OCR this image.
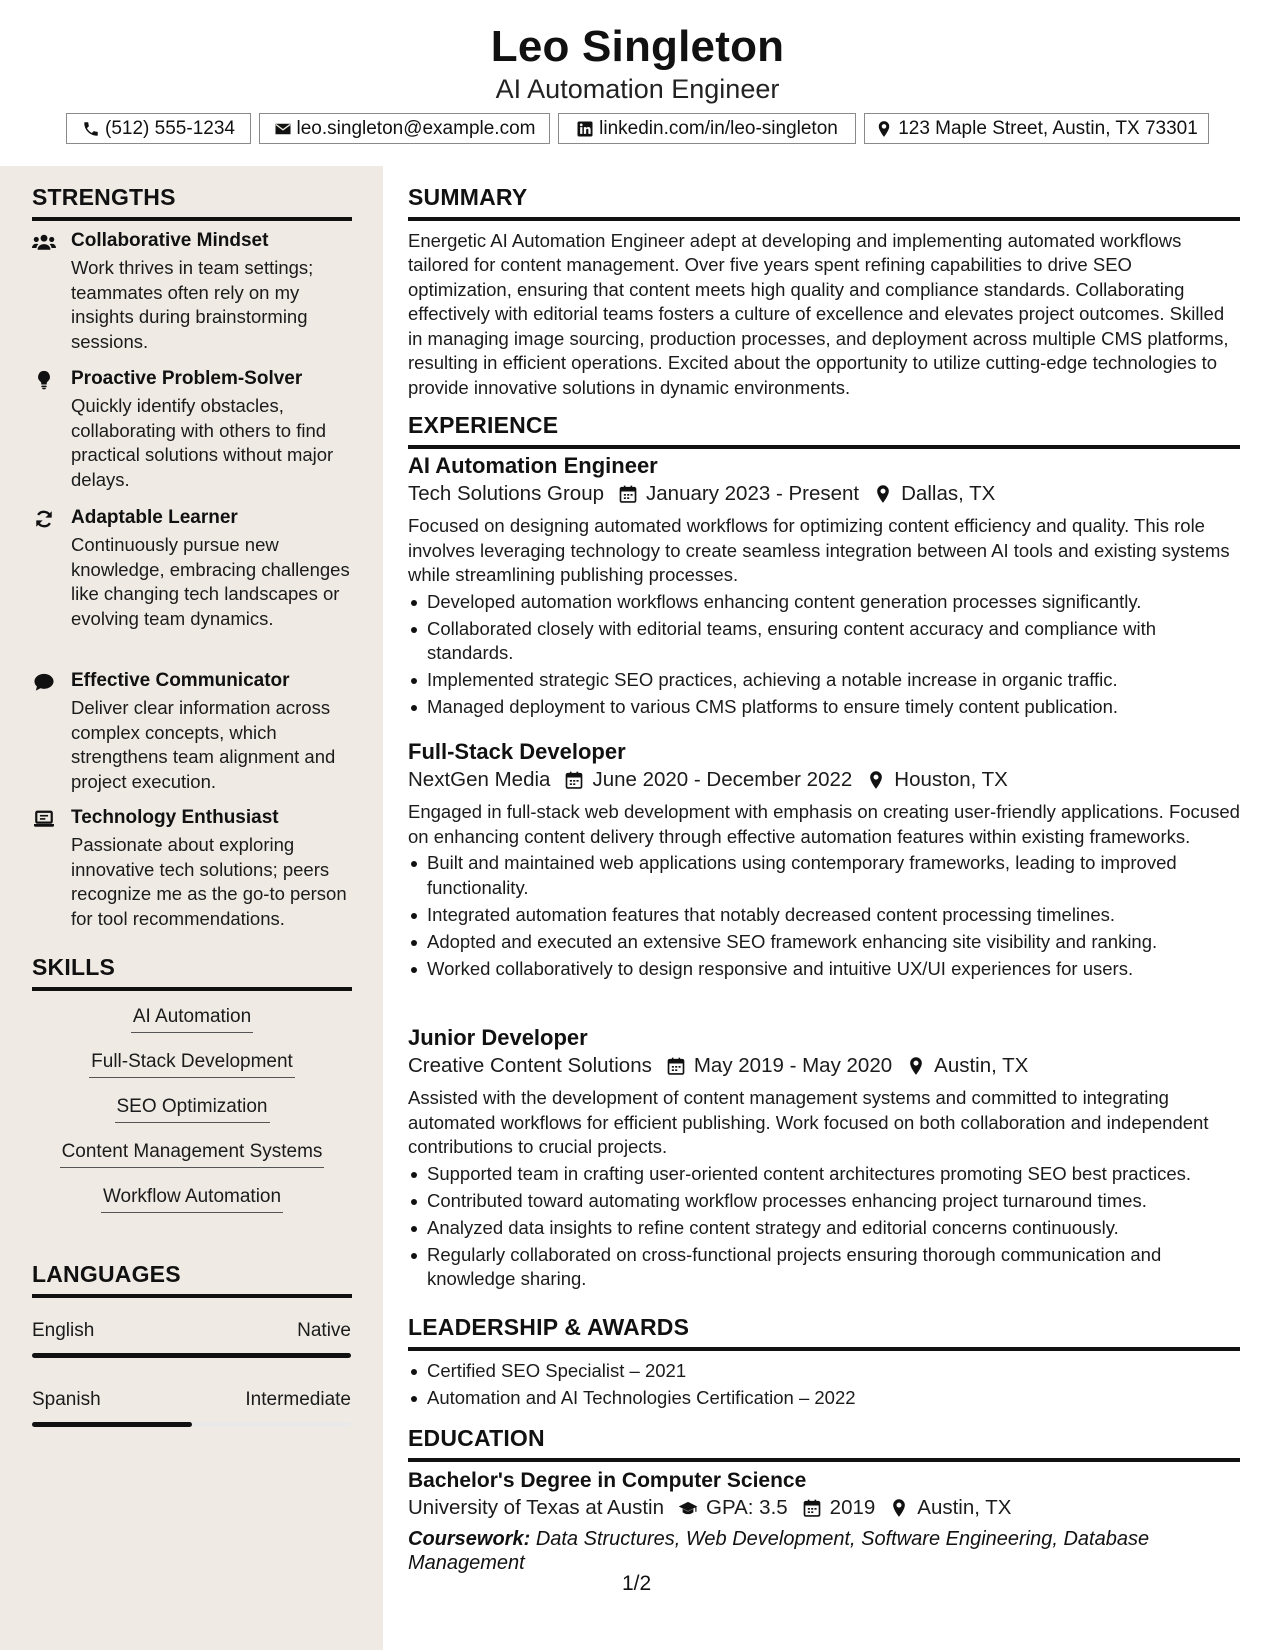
Leo Singleton
AI Automation Engineer
(512) 555-1234	leo.singleton@example.com	linkedin.com/in/leo-singleton	123 Maple Street, Austin, TX 73301
STRENGTHS
Collaborative Mindset
Work thrives in team settings; teammates often rely on my insights during brainstorming sessions.
Proactive Problem-Solver
Quickly identify obstacles, collaborating with others to find practical solutions without major delays.
Adaptable Learner
Continuously pursue new knowledge, embracing challenges like changing tech landscapes or evolving team dynamics.
Effective Communicator
Deliver clear information across complex concepts, which strengthens team alignment and project execution.
Technology Enthusiast
Passionate about exploring innovative tech solutions; peers recognize me as the go-to person for tool recommendations.
SKILLS
AI Automation
Full-Stack Development
SEO Optimization
Content Management Systems
Workflow Automation
LANGUAGES
English	Native
Spanish	Intermediate
SUMMARY
Energetic AI Automation Engineer adept at developing and implementing automated workflows tailored for content management. Over five years spent refining capabilities to drive SEO optimization, ensuring that content meets high quality and compliance standards. Collaborating effectively with editorial teams fosters a culture of excellence and elevates project outcomes. Skilled in managing image sourcing, production processes, and deployment across multiple CMS platforms, resulting in efficient operations. Excited about the opportunity to utilize cutting-edge technologies to provide innovative solutions in dynamic environments.
EXPERIENCE
AI Automation Engineer
Tech Solutions Group January 2023 - Present Dallas, TX
Focused on designing automated workflows for optimizing content efficiency and quality. This role involves leveraging technology to create seamless integration between AI tools and existing systems while streamlining publishing processes.
Developed automation workflows enhancing content generation processes significantly.
Collaborated closely with editorial teams, ensuring content accuracy and compliance with standards.
Implemented strategic SEO practices, achieving a notable increase in organic traffic.
Managed deployment to various CMS platforms to ensure timely content publication.
Full-Stack Developer
NextGen Media June 2020 - December 2022 Houston, TX
Engaged in full-stack web development with emphasis on creating user-friendly applications. Focused on enhancing content delivery through effective automation features within existing frameworks.
Built and maintained web applications using contemporary frameworks, leading to improved functionality.
Integrated automation features that notably decreased content processing timelines.
Adopted and executed an extensive SEO framework enhancing site visibility and ranking.
Worked collaboratively to design responsive and intuitive UX/UI experiences for users.
Junior Developer
Creative Content Solutions May 2019 - May 2020 Austin, TX
Assisted with the development of content management systems and committed to integrating automated workflows for efficient publishing. Work focused on both collaboration and independent contributions to crucial projects.
Supported team in crafting user-oriented content architectures promoting SEO best practices.
Contributed toward automating workflow processes enhancing project turnaround times.
Analyzed data insights to refine content strategy and editorial concerns continuously.
Regularly collaborated on cross-functional projects ensuring thorough communication and knowledge sharing.
LEADERSHIP & AWARDS
Certified SEO Specialist – 2021
Automation and AI Technologies Certification – 2022
EDUCATION
Bachelor's Degree in Computer Science
University of Texas at Austin GPA: 3.5 2019 Austin, TX
Coursework: Data Structures, Web Development, Software Engineering, Database Management
1/2
